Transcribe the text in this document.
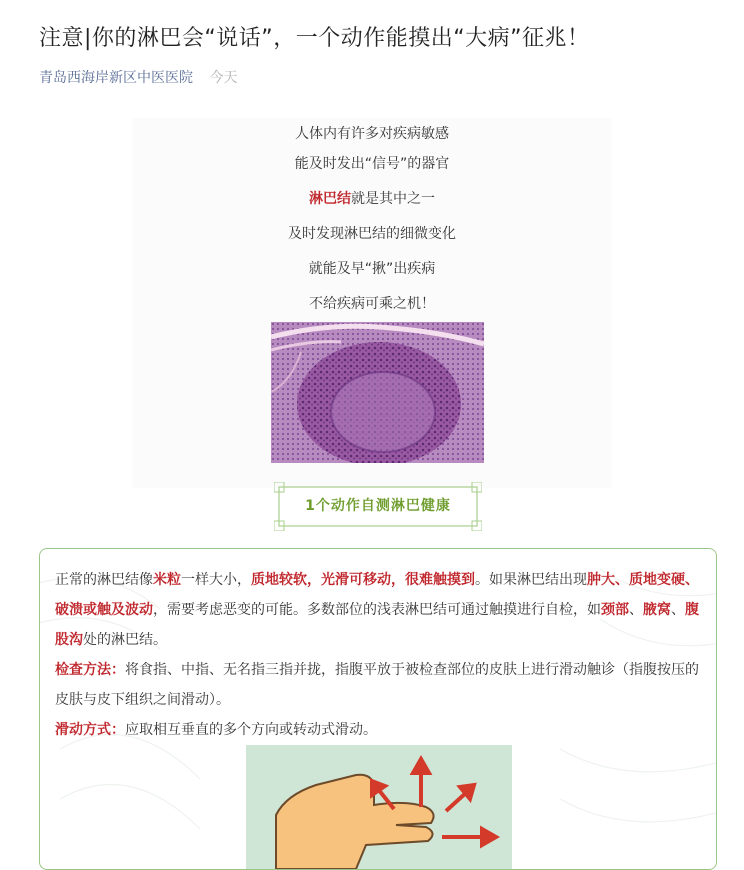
注意|你的淋巴会“说话”，一个动作能摸出“大病”征兆！
青岛西海岸新区中医医院 今天
人体内有许多对疾病敏感
能及时发出“信号”的器官
淋巴结就是其中之一
及时发现淋巴结的细微变化
就能及早“揪”出疾病
不给疾病可乘之机！
1个动作自测淋巴健康
正常的淋巴结像米粒一样大小，质地较软，光滑可移动，很难触摸到。如果淋巴结出现肿大、质地变硬、破溃或触及波动，需要考虑恶变的可能。多数部位的浅表淋巴结可通过触摸进行自检，如颈部、腋窝、腹股沟处的淋巴结。
检查方法：将食指、中指、无名指三指并拢，指腹平放于被检查部位的皮肤上进行滑动触诊（指腹按压的皮肤与皮下组织之间滑动）。
滑动方式：应取相互垂直的多个方向或转动式滑动。
